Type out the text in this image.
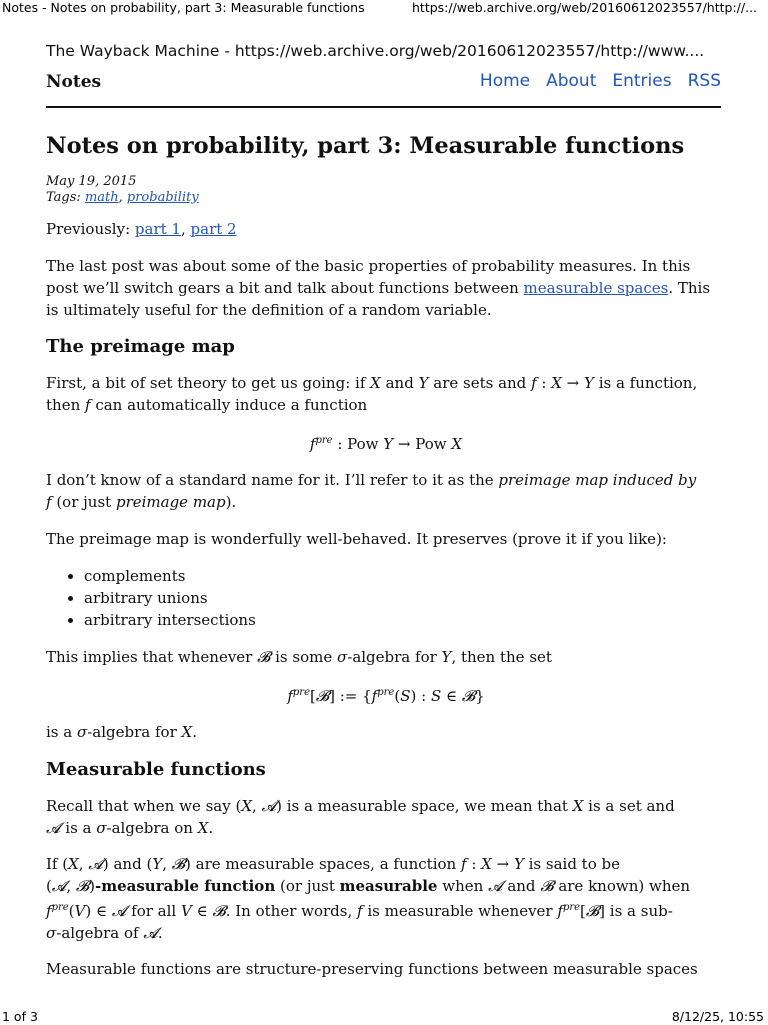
Notes - Notes on probability, part 3: Measurable functions	https://web.archive.org/web/20160612023557/http://...
The Wayback Machine - https://web.archive.org/web/20160612023557/http://www....
Notes	Home About Entries RSS
Notes on probability, part 3: Measurable functions
May 19, 2015
Tags: math, probability

Previously: part 1, part 2

The last post was about some of the basic properties of probability measures. In this post we’ll switch gears a bit and talk about functions between measurable spaces. This is ultimately useful for the definition of a random variable.

The preimage map

First, a bit of set theory to get us going: if X and Y are sets and f : X → Y is a function, then f can automatically induce a function

$f^{pre}$ : Pow Y → Pow X

I don’t know of a standard name for it. I’ll refer to it as the preimage map induced by
f (or just preimage map).

The preimage map is wonderfully well-behaved. It preserves (prove it if you like):

• complements
• arbitrary unions
• arbitrary intersections

This implies that whenever 𝓑 is some σ-algebra for Y, then the set

$f^{pre}[𝓑]$ := {$f^{pre}(S)$ : S ∈ 𝓑}

is a σ-algebra for X.

Measurable functions

Recall that when we say (X, 𝓐) is a measurable space, we mean that X is a set and
𝓐 is a σ-algebra on X.

If (X, 𝓐) and (Y, 𝓑) are measurable spaces, a function f : X → Y is said to be
(𝓐, 𝓑)-measurable function (or just measurable when 𝓐 and 𝓑 are known) when
$f^{pre}(V)$ ∈ 𝓐 for all V ∈ 𝓑. In other words, f is measurable whenever $f^{pre}[𝓑]$ is a sub-
σ-algebra of 𝓐.

Measurable functions are structure-preserving functions between measurable spaces

1 of 3	8/12/25, 10:55
